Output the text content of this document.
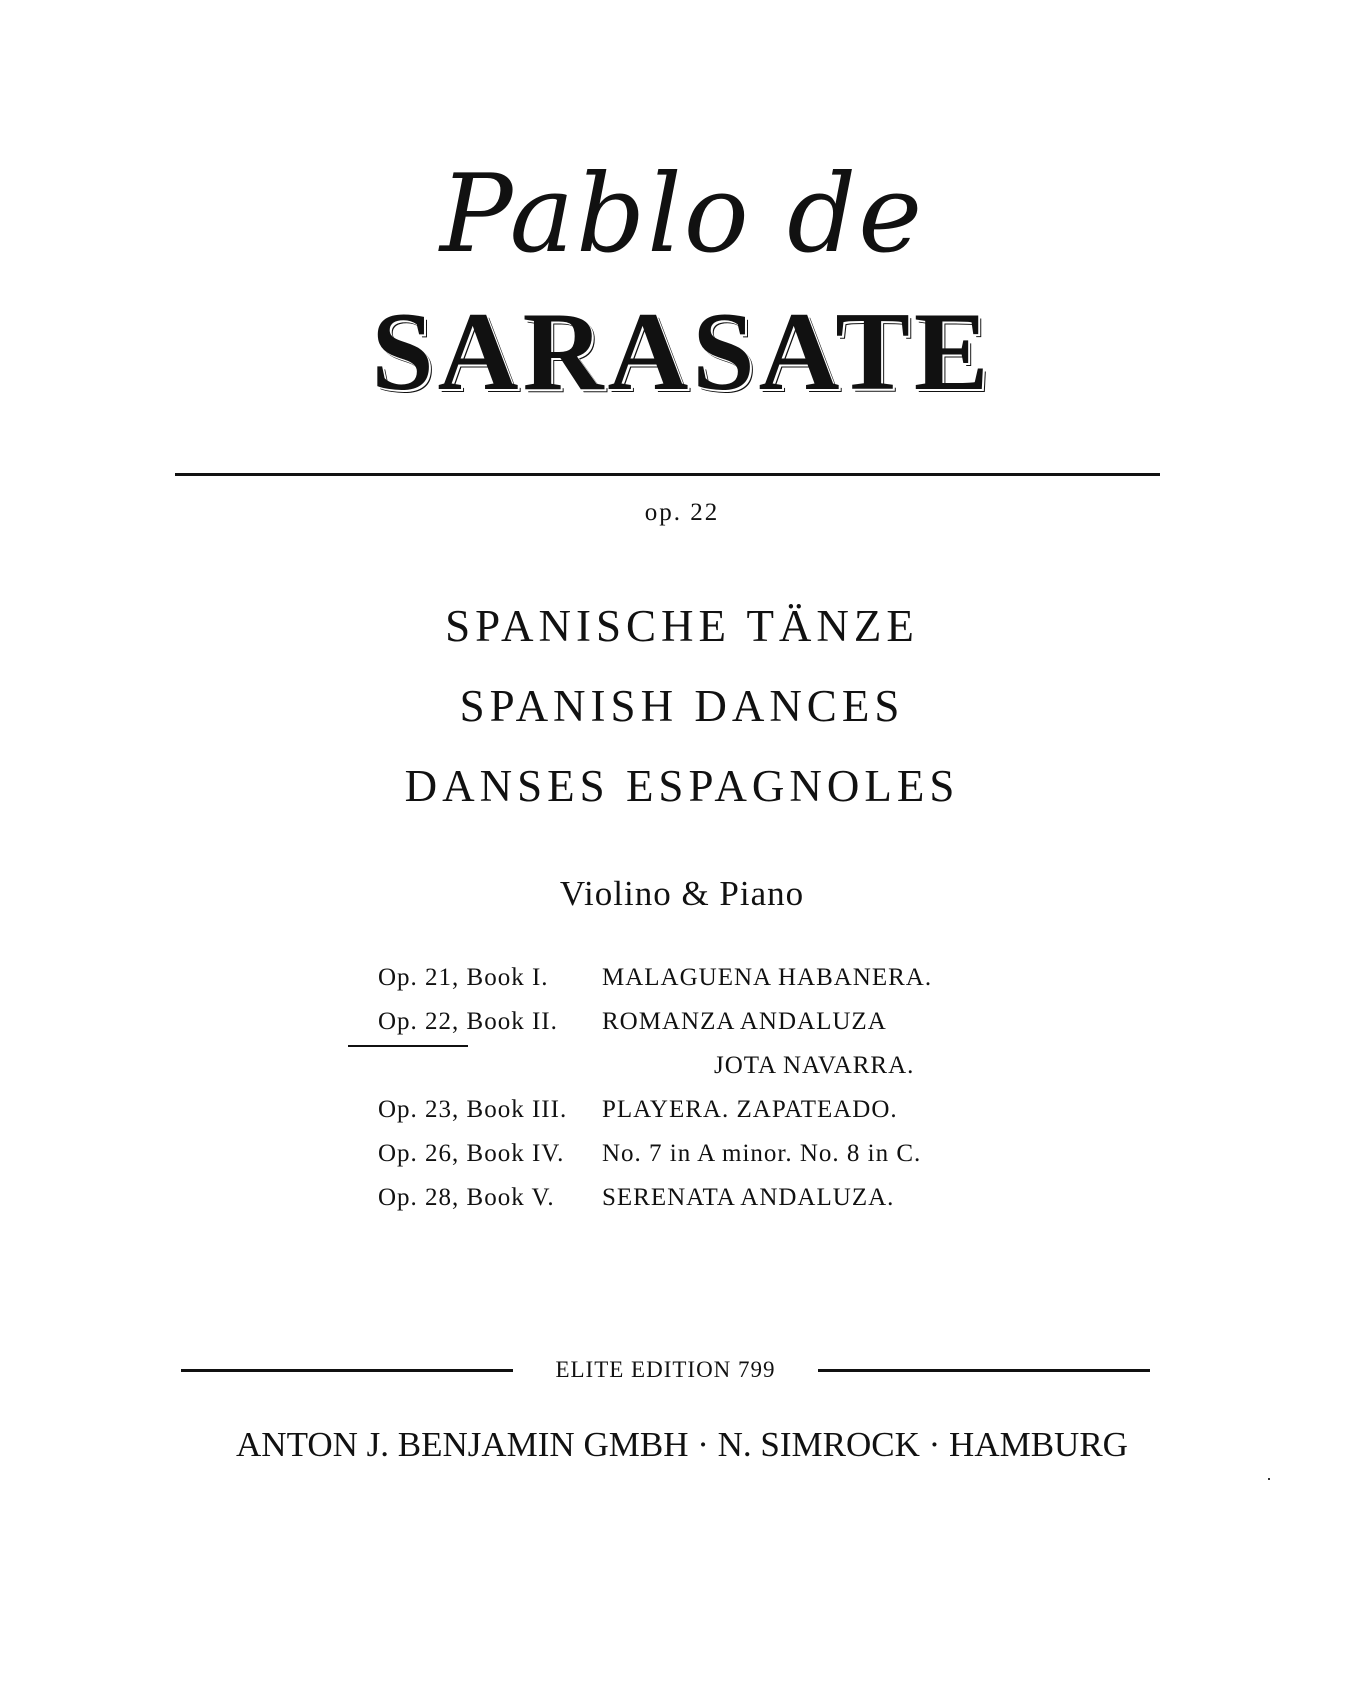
Pablo de
SARASATE
op. 22
SPANISCHE TÄNZE
SPANISH DANCES
DANSES ESPAGNOLES
Violino & Piano
Op. 21, Book I. MALAGUENA HABANERA.
Op. 22, Book II. ROMANZA ANDALUZA
JOTA NAVARRA.
Op. 23, Book III. PLAYERA. ZAPATEADO.
Op. 26, Book IV. No. 7 in A minor. No. 8 in C.
Op. 28, Book V. SERENATA ANDALUZA.
ELITE EDITION 799
ANTON J. BENJAMIN GMBH · N. SIMROCK · HAMBURG
